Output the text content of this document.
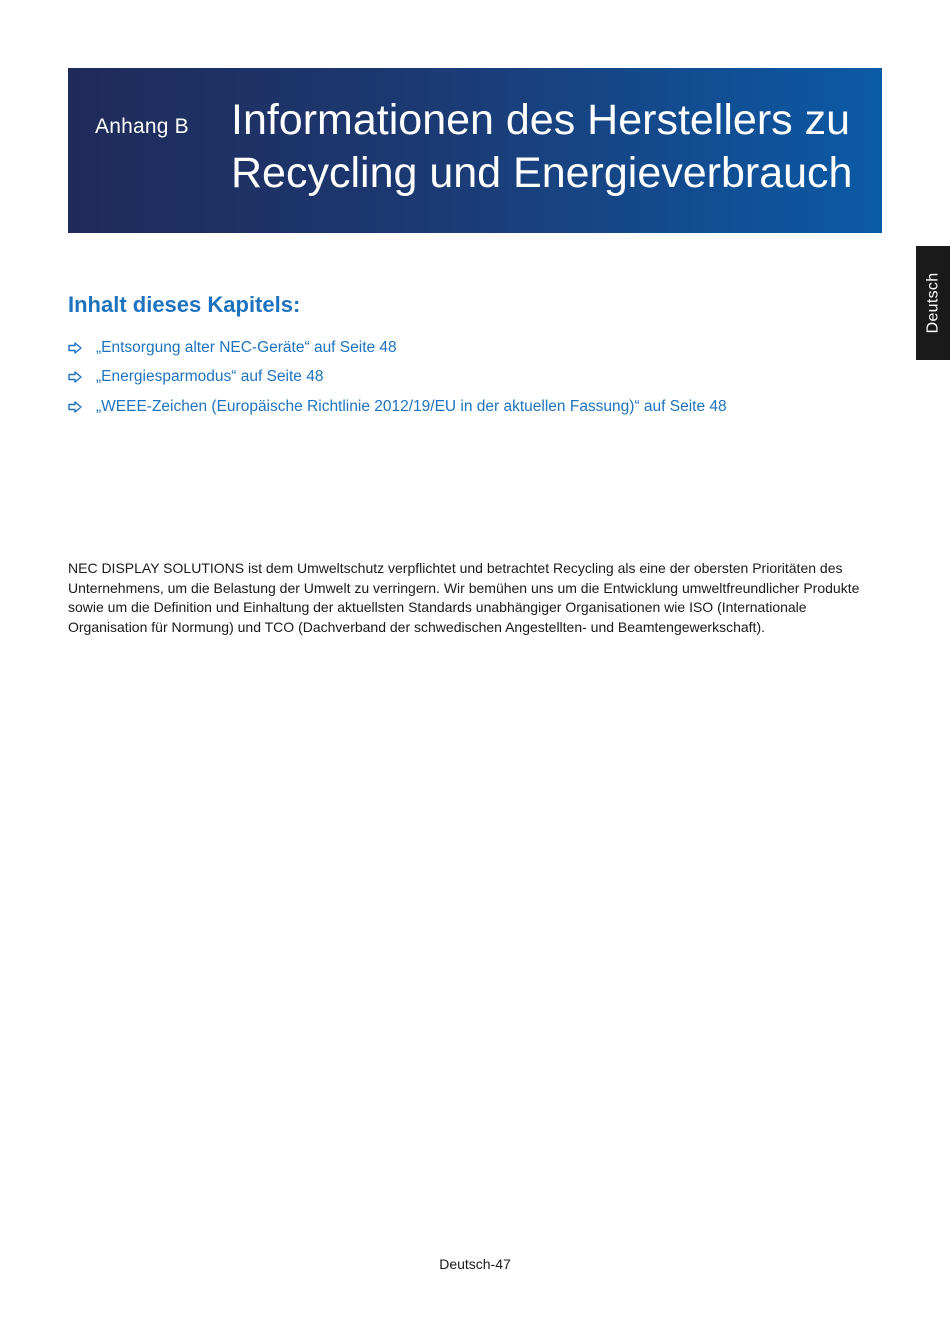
Anhang B Informationen des Herstellers zu
Recycling und Energieverbrauch
Deutsch
Inhalt dieses Kapitels:
„Entsorgung alter NEC-Geräte“ auf Seite 48
„Energiesparmodus“ auf Seite 48
„WEEE-Zeichen (Europäische Richtlinie 2012/19/EU in der aktuellen Fassung)“ auf Seite 48

NEC DISPLAY SOLUTIONS ist dem Umweltschutz verpflichtet und betrachtet Recycling als eine der obersten Prioritäten des Unternehmens, um die Belastung der Umwelt zu verringern. Wir bemühen uns um die Entwicklung umweltfreundlicher Produkte sowie um die Definition und Einhaltung der aktuellsten Standards unabhängiger Organisationen wie ISO (Internationale Organisation für Normung) und TCO (Dachverband der schwedischen Angestellten- und Beamtengewerkschaft).

Deutsch-47
